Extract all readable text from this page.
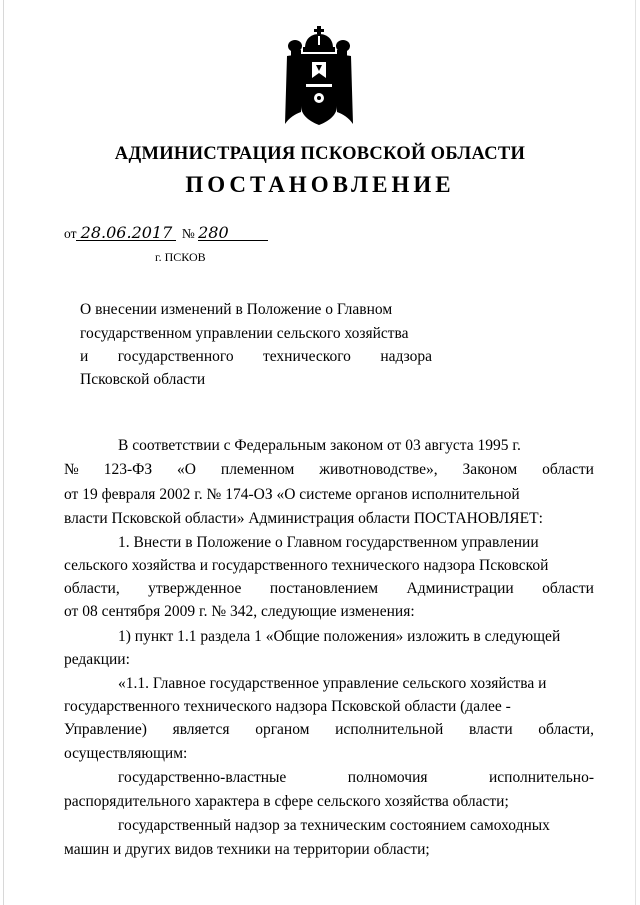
АДМИНИСТРАЦИЯ ПСКОВСКОЙ ОБЛАСТИ
ПОСТАНОВЛЕНИЕ
от 28.06.2017 № 280
г. ПСКОВ
О внесении изменений в Положение о Главном
государственном управлении сельского хозяйства
и государственного технического надзора
Псковской области
В соответствии с Федеральным законом от 03 августа 1995 г.
№ 123-ФЗ «О племенном животноводстве», Законом области
от 19 февраля 2002 г. № 174-ОЗ «О системе органов исполнительной
власти Псковской области» Администрация области ПОСТАНОВЛЯЕТ:
1. Внести в Положение о Главном государственном управлении
сельского хозяйства и государственного технического надзора Псковской
области, утвержденное постановлением Администрации области
от 08 сентября 2009 г. № 342, следующие изменения:
1) пункт 1.1 раздела 1 «Общие положения» изложить в следующей
редакции:
«1.1. Главное государственное управление сельского хозяйства и
государственного технического надзора Псковской области (далее -
Управление) является органом исполнительной власти области,
осуществляющим:
государственно-властные	полномочия	исполнительно-
распорядительного характера в сфере сельского хозяйства области;
государственный надзор за техническим состоянием самоходных
машин и других видов техники на территории области;
